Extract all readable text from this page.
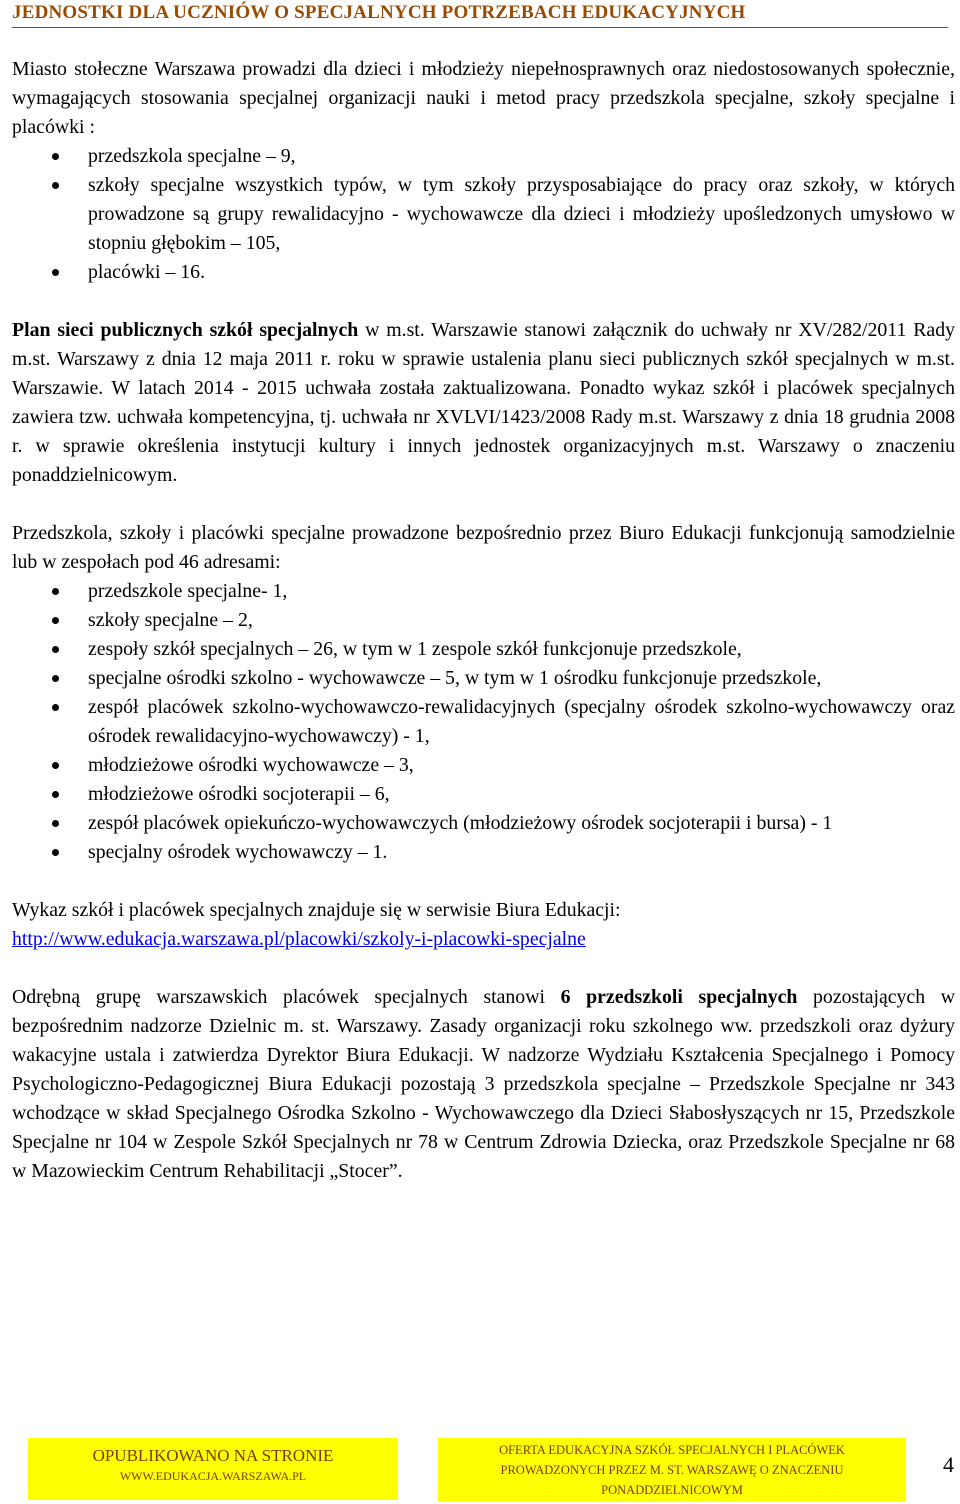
JEDNOSTKI DLA UCZNIÓW O SPECJALNYCH POTRZEBACH EDUKACYJNYCH

Miasto stołeczne Warszawa prowadzi dla dzieci i młodzieży niepełnosprawnych oraz niedostosowanych społecznie, wymagających stosowania specjalnej organizacji nauki i metod pracy przedszkola specjalne, szkoły specjalne i placówki :

przedszkola specjalne – 9,
szkoły specjalne wszystkich typów, w tym szkoły przysposabiające do pracy oraz szkoły, w których prowadzone są grupy rewalidacyjno - wychowawcze dla dzieci i młodzieży upośledzonych umysłowo w stopniu głębokim – 105,
placówki – 16.

Plan sieci publicznych szkół specjalnych w m.st. Warszawie stanowi załącznik do uchwały nr XV/282/2011 Rady m.st. Warszawy z dnia 12 maja 2011 r. roku w sprawie ustalenia planu sieci publicznych szkół specjalnych w m.st. Warszawie. W latach 2014 - 2015 uchwała została zaktualizowana. Ponadto wykaz szkół i placówek specjalnych zawiera tzw. uchwała kompetencyjna, tj. uchwała nr XVLVI/1423/2008 Rady m.st. Warszawy z dnia 18 grudnia 2008 r. w sprawie określenia instytucji kultury i innych jednostek organizacyjnych m.st. Warszawy o znaczeniu ponaddzielnicowym.

Przedszkola, szkoły i placówki specjalne prowadzone bezpośrednio przez Biuro Edukacji funkcjonują samodzielnie lub w zespołach pod 46 adresami:

przedszkole specjalne- 1,
szkoły specjalne – 2,
zespoły szkół specjalnych – 26, w tym w 1 zespole szkół funkcjonuje przedszkole,
specjalne ośrodki szkolno - wychowawcze – 5, w tym w 1 ośrodku funkcjonuje przedszkole,
zespół placówek szkolno-wychowawczo-rewalidacyjnych (specjalny ośrodek szkolno-wychowawczy oraz ośrodek rewalidacyjno-wychowawczy) - 1,
młodzieżowe ośrodki wychowawcze – 3,
młodzieżowe ośrodki socjoterapii – 6,
zespół placówek opiekuńczo-wychowawczych (młodzieżowy ośrodek socjoterapii i bursa) - 1
specjalny ośrodek wychowawczy – 1.

Wykaz szkół i placówek specjalnych znajduje się w serwisie Biura Edukacji:
http://www.edukacja.warszawa.pl/placowki/szkoly-i-placowki-specjalne

Odrębną grupę warszawskich placówek specjalnych stanowi 6 przedszkoli specjalnych pozostających w bezpośrednim nadzorze Dzielnic m. st. Warszawy. Zasady organizacji roku szkolnego ww. przedszkoli oraz dyżury wakacyjne ustala i zatwierdza Dyrektor Biura Edukacji. W nadzorze Wydziału Kształcenia Specjalnego i Pomocy Psychologiczno-Pedagogicznej Biura Edukacji pozostają 3 przedszkola specjalne – Przedszkole Specjalne nr 343 wchodzące w skład Specjalnego Ośrodka Szkolno - Wychowawczego dla Dzieci Słabosłyszących nr 15, Przedszkole Specjalne nr 104 w Zespole Szkół Specjalnych nr 78 w Centrum Zdrowia Dziecka, oraz Przedszkole Specjalne nr 68 w Mazowieckim Centrum Rehabilitacji „Stocer”.

OPUBLIKOWANO NA STRONIE
WWW.EDUKACJA.WARSZAWA.PL
OFERTA EDUKACYJNA SZKÓŁ SPECJALNYCH I PLACÓWEK
PROWADZONYCH PRZEZ M. ST. WARSZAWĘ O ZNACZENIU
PONADDZIELNICOWYM
4
